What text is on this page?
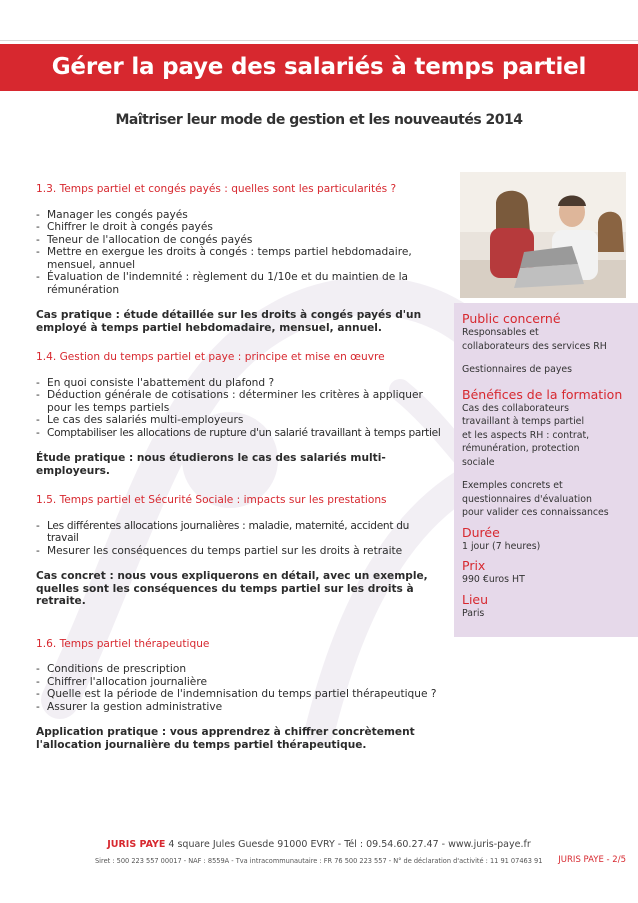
Gérer la paye des salariés à temps partiel
Maîtriser leur mode de gestion et les nouveautés 2014

1.3. Temps partiel et congés payés : quelles sont les particularités ?

- Manager les congés payés
- Chiffrer le droit à congés payés
- Teneur de l'allocation de congés payés
- Mettre en exergue les droits à congés : temps partiel hebdomadaire, mensuel, annuel
- Évaluation de l'indemnité : règlement du 1/10e et du maintien de la rémunération

Cas pratique : étude détaillée sur les droits à congés payés d'un employé à temps partiel hebdomadaire, mensuel, annuel.

1.4. Gestion du temps partiel et paye : principe et mise en œuvre

- En quoi consiste l'abattement du plafond ?
- Déduction générale de cotisations : déterminer les critères à appliquer pour les temps partiels
- Le cas des salariés multi-employeurs
- Comptabiliser les allocations de rupture d'un salarié travaillant à temps partiel

Étude pratique : nous étudierons le cas des salariés multi-employeurs.

1.5. Temps partiel et Sécurité Sociale : impacts sur les prestations

- Les différentes allocations journalières : maladie, maternité, accident du travail
- Mesurer les conséquences du temps partiel sur les droits à retraite

Cas concret : nous vous expliquerons en détail, avec un exemple, quelles sont les conséquences du temps partiel sur les droits à retraite.

1.6. Temps partiel thérapeutique

- Conditions de prescription
- Chiffrer l'allocation journalière
- Quelle est la période de l'indemnisation du temps partiel thérapeutique ?
- Assurer la gestion administrative

Application pratique : vous apprendrez à chiffrer concrètement l'allocation journalière du temps partiel thérapeutique.

Public concerné
Responsables et
collaborateurs des services RH
Gestionnaires de payes
Bénéfices de la formation
Cas des collaborateurs
travaillant à temps partiel
et les aspects RH : contrat,
rémunération, protection
sociale
Exemples concrets et
questionnaires d'évaluation
pour valider ces connaissances
Durée
1 jour (7 heures)
Prix
990 €uros HT
Lieu
Paris
JURIS PAYE 4 square Jules Guesde 91000 EVRY - Tél : 09.54.60.27.47 - www.juris-paye.fr
Siret : 500 223 557 00017 - NAF : 8559A - Tva intracommunautaire : FR 76 500 223 557 - N° de déclaration d'activité : 11 91 07463 91 JURIS PAYE - 2/5
